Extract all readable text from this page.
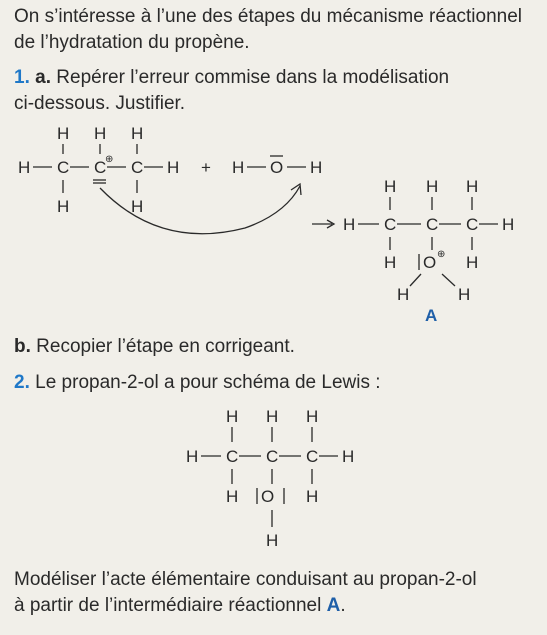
On s’intéresse à l’une des étapes du mécanisme réactionnel

de l’hydratation du propène.

1. a. Repérer l’erreur commise dans la modélisation

ci-dessous. Justifier.

b. Recopier l’étape en corrigeant.

2. Le propan-2-ol a pour schéma de Lewis :

Modéliser l’acte élémentaire conduisant au propan-2-ol

à partir de l’intermédiaire réactionnel A.

H H H
H C C
⊕ C H
H	H
+ H O H
H H H
H C C C H
H O ⊕ H
H	H
A
H H H
H C C C H
H O H
H
